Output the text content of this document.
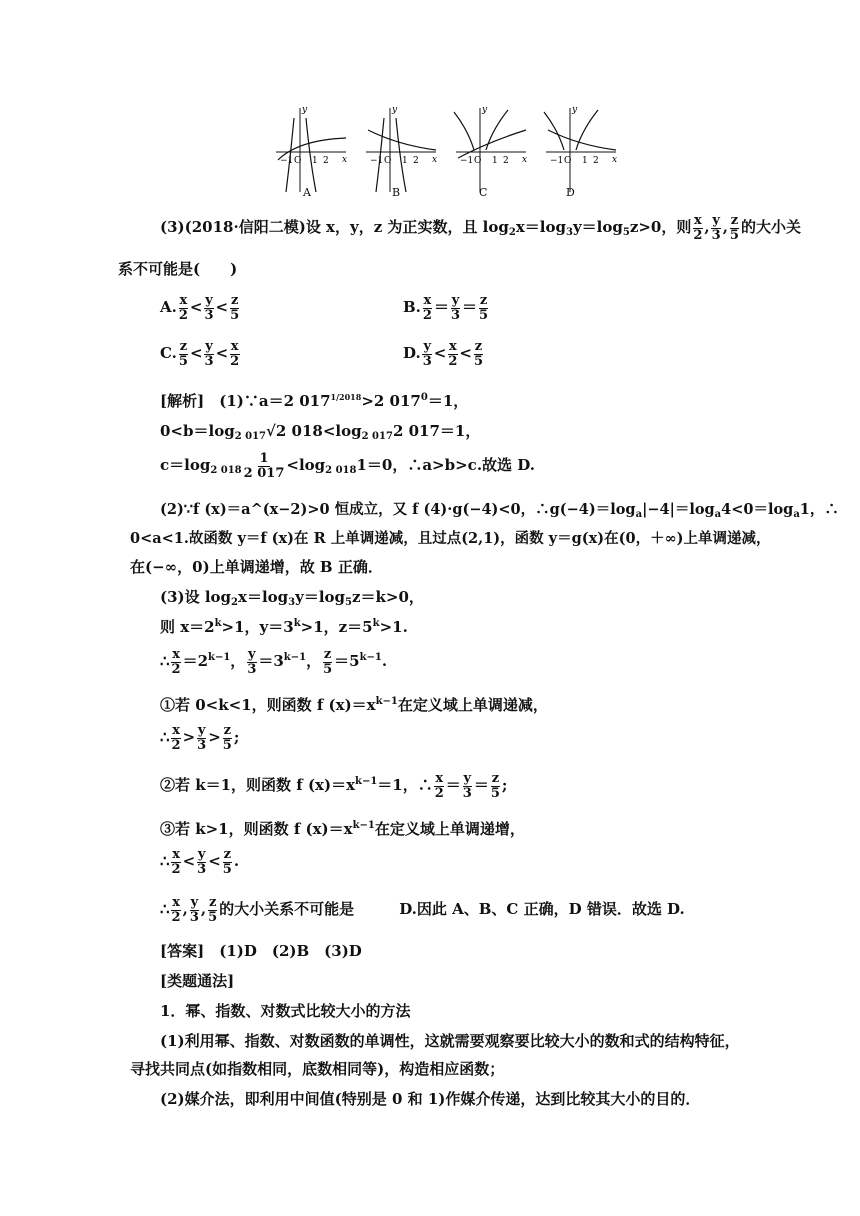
x
y
−1 O 1 2	x
y
−1 O 1 2	x
y
−1 O 1 2	x
y
−1 O 1 2
A	B	C	D
(3)(2018·信阳二模)设 x，y，z 为正实数，且 $\log_2x=\log_3y=\log_5z>0$，则 $\frac{x}{2}$ , $\frac{y}{3}$ , $\frac{z}{5}$ 的大小关
系不可能是(　　)
A. $\frac{x}{2} < \frac{y}{3} < \frac{z}{5}$	B. $\frac{x}{2} = \frac{y}{3} = \frac{z}{5}$
C. $\frac{z}{5} < \frac{y}{3} < \frac{x}{2}$	D. $\frac{y}{3} < \frac{x}{2} < \frac{z}{5}$
[解析]　 (1)∵a＝2 $017^{1/2018}>2$ $017^0=1$，
$0<b=\log_{2 017}√2$ $018<\log_{2 017}2$ 017＝1，
$c=\log_{2 018} \frac{1}{2 017} <\log_{2 018}1=0$，∴a>b>c.故选 D.
(2)∵f (x)＝a^(x−2)>0 恒成立，又 f (4)·g(−4)<0，$\therefore g(-4)=\log_a|-4|=\log_a4<0=\log_a1$，∴
0<a<1.故函数 y＝f (x)在 R 上单调递减，且过点(2,1)，函数 y＝g(x)在(0，＋∞)上单调递减，
在(−∞，0)上单调递增，故 B 正确．
(3)设 $\log_2x=\log_3y=\log_5z=k>0$，
则 $x=2^k>1$，$y=3^k>1$，$z=5^k>1$.
∴ $\frac{x}{2} =2^{k-1}$， $\frac{y}{3} =3^{k-1}$， $\frac{z}{5} =5^{k-1}$.
①若 0<k<1，则函数 f $(x)=x^{k-1}$在定义域上单调递减，
∴ $\frac{x}{2} > \frac{y}{3} > \frac{z}{5}$ ;
②若 k＝1，则函数 f $(x)=x^{k-1}=1$，∴ $\frac{x}{2} = \frac{y}{3} = \frac{z}{5}$ ;
③若 k>1，则函数 f $(x)=x^{k-1}$在定义域上单调递增，
∴ $\frac{x}{2} < \frac{y}{3} < \frac{z}{5}$ .
∴ $\frac{x}{2}$ , $\frac{y}{3}$ , $\frac{z}{5}$ 的大小关系不可能是　　　	D.因此 A、B、C 正确，D 错误．故选 D.
[答案]　 (1)D　(2)B　(3)D
[类题通法]
1．幂、指数、对数式比较大小的方法
(1)利用幂、指数、对数函数的单调性，这就需要观察要比较大小的数和式的结构特征，
寻找共同点(如指数相同，底数相同等)，构造相应函数；
(2)媒介法，即利用中间值(特别是 0 和 1)作媒介传递，达到比较其大小的目的．
